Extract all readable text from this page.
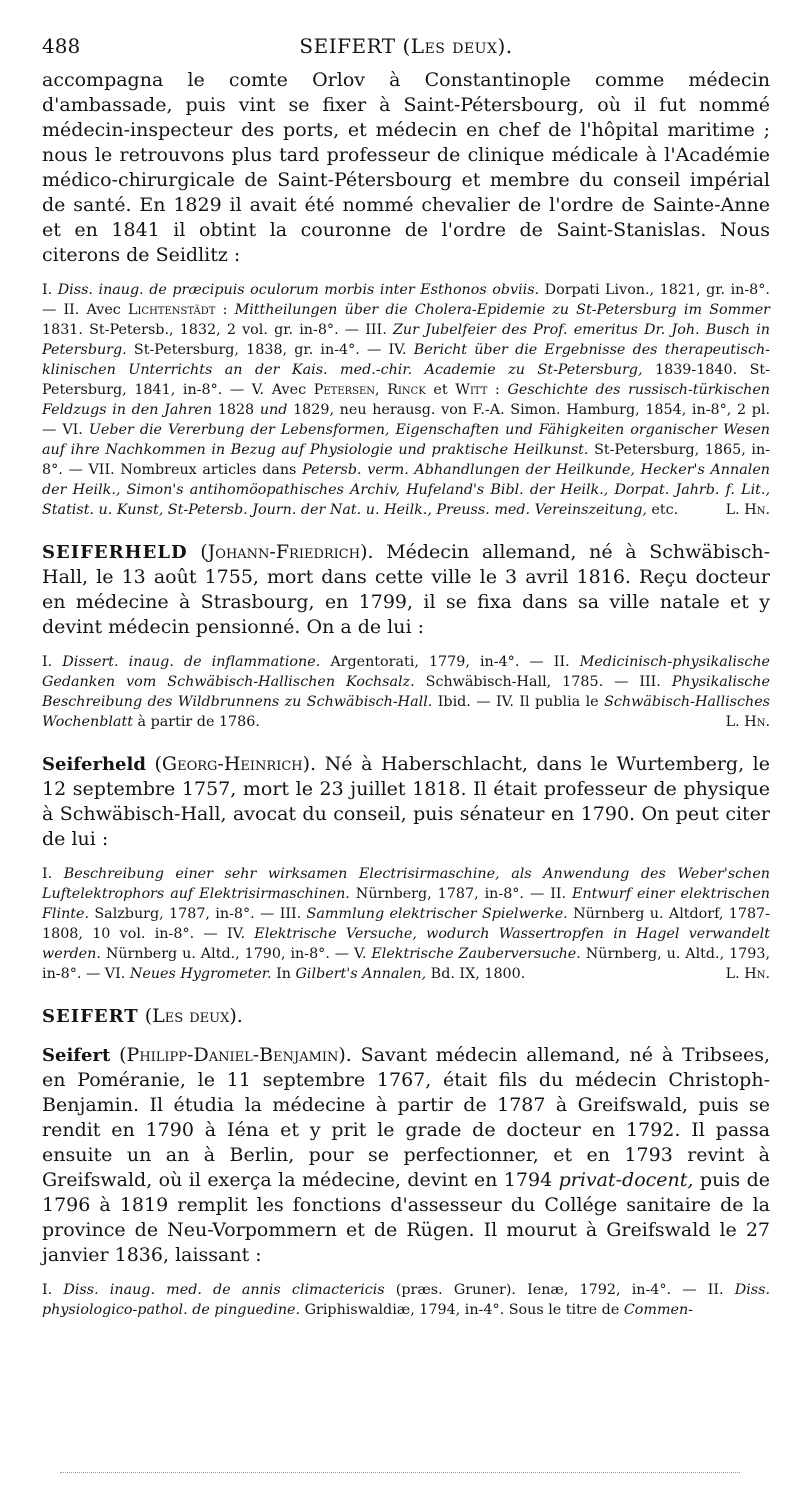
488	SEIFERT (Les deux).

accompagna le comte Orlov à Constantinople comme médecin d'ambassade, puis vint se fixer à Saint-Pétersbourg, où il fut nommé médecin-inspecteur des ports, et médecin en chef de l'hôpital maritime ; nous le retrouvons plus tard professeur de clinique médicale à l'Académie médico-chirurgicale de Saint-Pétersbourg et membre du conseil impérial de santé. En 1829 il avait été nommé chevalier de l'ordre de Sainte-Anne et en 1841 il obtint la couronne de l'ordre de Saint-Stanislas. Nous citerons de Seidlitz :

I. Diss. inaug. de præcipuis oculorum morbis inter Esthonos obviis. Dorpati Livon., 1821, gr. in-8°. — II. Avec Lichtenstädt : Mittheilungen über die Cholera-Epidemie zu St-Petersburg im Sommer 1831. St-Petersb., 1832, 2 vol. gr. in-8°. — III. Zur Jubelfeier des Prof. emeritus Dr. Joh. Busch in Petersburg. St-Petersburg, 1838, gr. in-4°. — IV. Bericht über die Ergebnisse des therapeutisch-klinischen Unterrichts an der Kais. med.-chir. Academie zu St-Petersburg, 1839-1840. St-Petersburg, 1841, in-8°. — V. Avec Petersen, Rinck et Witt : Geschichte des russisch-türkischen Feldzugs in den Jahren 1828 und 1829, neu herausg. von F.-A. Simon. Hamburg, 1854, in-8°, 2 pl. — VI. Ueber die Vererbung der Lebensformen, Eigenschaften und Fähigkeiten organischer Wesen auf ihre Nachkommen in Bezug auf Physiologie und praktische Heilkunst. St-Petersburg, 1865, in-8°. — VII. Nombreux articles dans Petersb. verm. Abhandlungen der Heilkunde, Hecker's Annalen der Heilk., Simon's antihomöopathisches Archiv, Hufeland's Bibl. der Heilk., Dorpat. Jahrb. f. Lit., Statist. u. Kunst, St-Petersb. Journ. der Nat. u. Heilk., Preuss. med. Vereinszeitung, etc.	L. Hn.

SEIFERHELD (Johann-Friedrich). Médecin allemand, né à Schwäbisch-Hall, le 13 août 1755, mort dans cette ville le 3 avril 1816. Reçu docteur en médecine à Strasbourg, en 1799, il se fixa dans sa ville natale et y devint médecin pensionné. On a de lui :

I. Dissert. inaug. de inflammatione. Argentorati, 1779, in-4°. — II. Medicinisch-physikalische Gedanken vom Schwäbisch-Hallischen Kochsalz. Schwäbisch-Hall, 1785. — III. Physikalische Beschreibung des Wildbrunnens zu Schwäbisch-Hall. Ibid. — IV. Il publia le Schwäbisch-Hallisches Wochenblatt à partir de 1786.	L. Hn.

Seiferheld (Georg-Heinrich). Né à Haberschlacht, dans le Wurtemberg, le 12 septembre 1757, mort le 23 juillet 1818. Il était professeur de physique à Schwäbisch-Hall, avocat du conseil, puis sénateur en 1790. On peut citer de lui :

I. Beschreibung einer sehr wirksamen Electrisirmaschine, als Anwendung des Weber'schen Luftelektrophors auf Elektrisirmaschinen. Nürnberg, 1787, in-8°. — II. Entwurf einer elektrischen Flinte. Salzburg, 1787, in-8°. — III. Sammlung elektrischer Spielwerke. Nürnberg u. Altdorf, 1787-1808, 10 vol. in-8°. — IV. Elektrische Versuche, wodurch Wassertropfen in Hagel verwandelt werden. Nürnberg u. Altd., 1790, in-8°. — V. Elektrische Zauberversuche. Nürnberg, u. Altd., 1793, in-8°. — VI. Neues Hygrometer. In Gilbert's Annalen, Bd. IX, 1800.	L. Hn.

SEIFERT (Les deux).

Seifert (Philipp-Daniel-Benjamin). Savant médecin allemand, né à Tribsees, en Poméranie, le 11 septembre 1767, était fils du médecin Christoph-Benjamin. Il étudia la médecine à partir de 1787 à Greifswald, puis se rendit en 1790 à Iéna et y prit le grade de docteur en 1792. Il passa ensuite un an à Berlin, pour se perfectionner, et en 1793 revint à Greifswald, où il exerça la médecine, devint en 1794 privat-docent, puis de 1796 à 1819 remplit les fonctions d'assesseur du Collége sanitaire de la province de Neu-Vorpommern et de Rügen. Il mourut à Greifswald le 27 janvier 1836, laissant :

I. Diss. inaug. med. de annis climactericis (præs. Gruner). Ienæ, 1792, in-4°. — II. Diss. physiologico-pathol. de pinguedine. Griphiswaldiæ, 1794, in-4°. Sous le titre de Commen-
